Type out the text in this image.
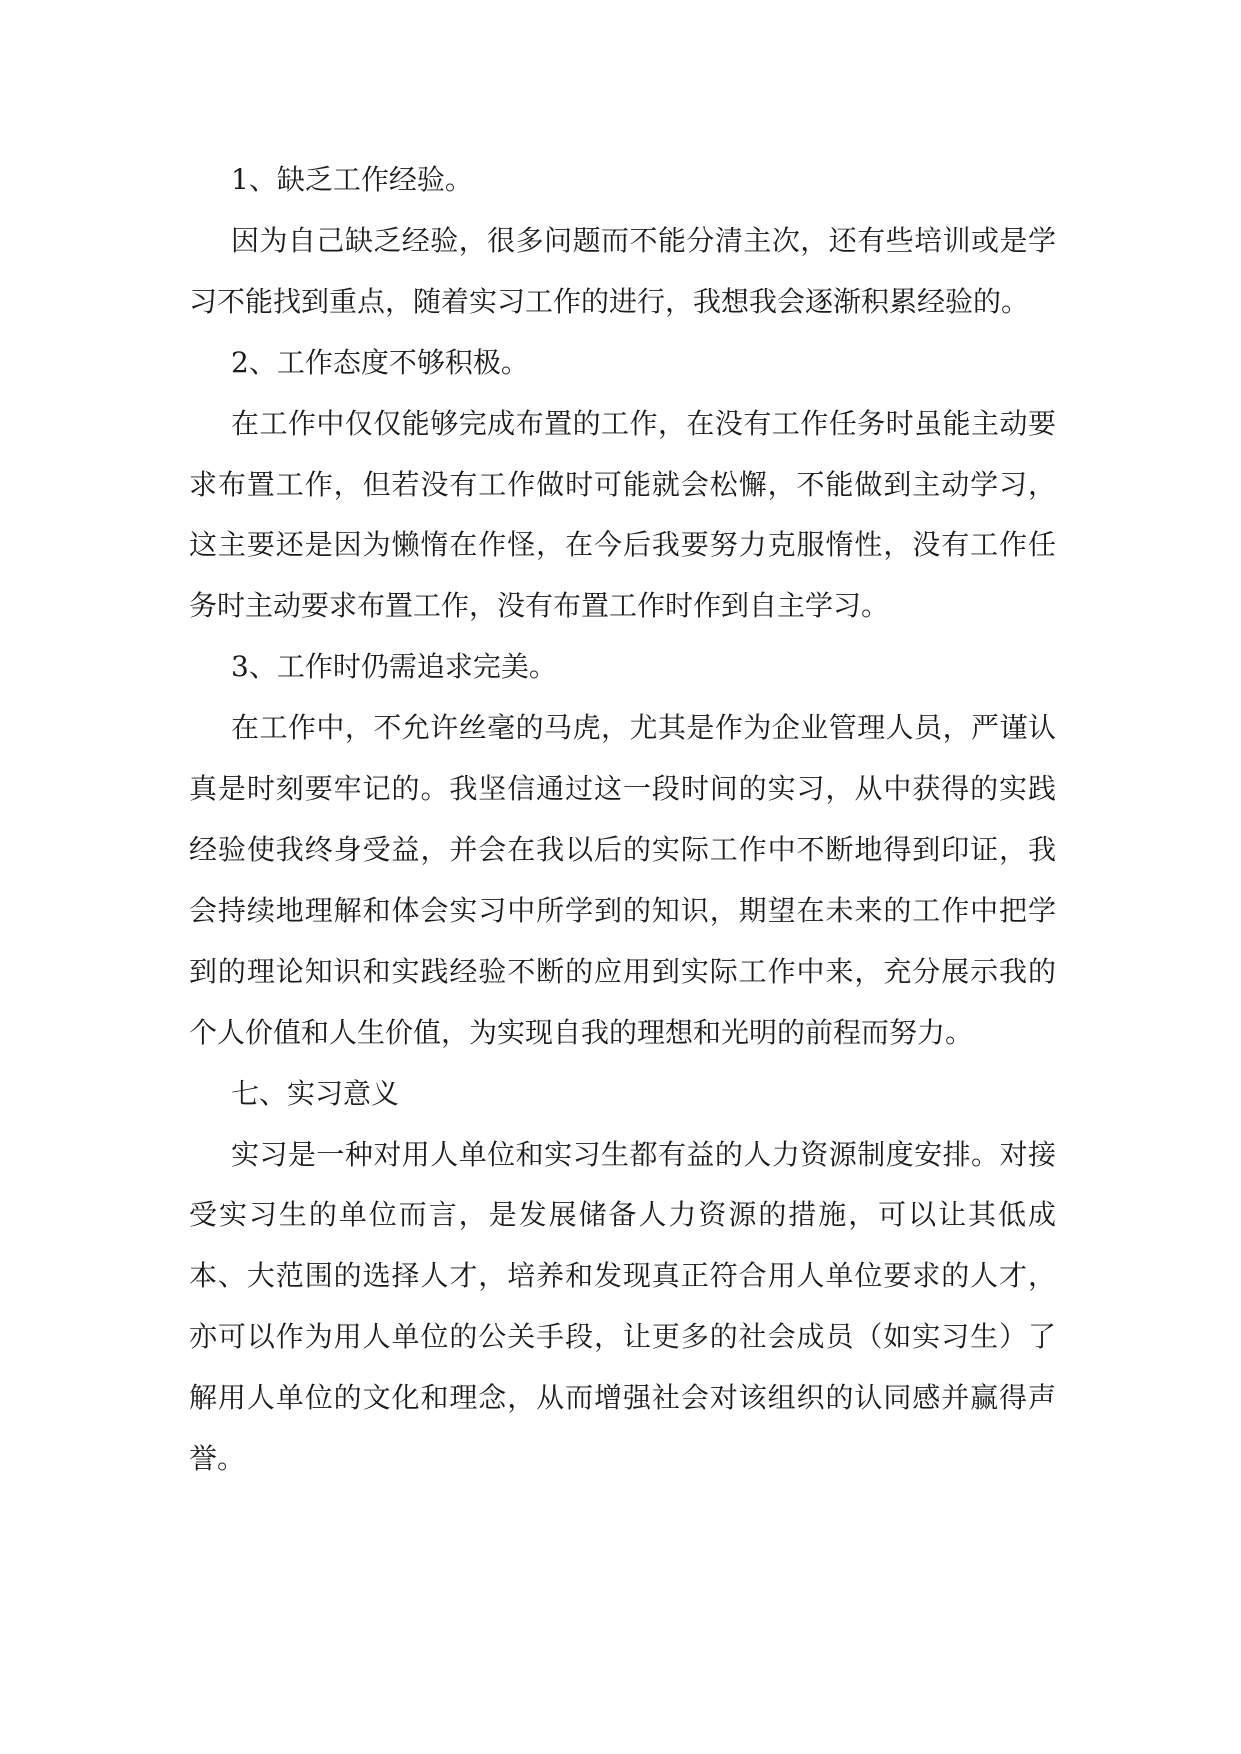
1、缺乏工作经验。

因为自己缺乏经验，很多问题而不能分清主次，还有些培训或是学习不能找到重点，随着实习工作的进行，我想我会逐渐积累经验的。

2、工作态度不够积极。

在工作中仅仅能够完成布置的工作，在没有工作任务时虽能主动要求布置工作，但若没有工作做时可能就会松懈，不能做到主动学习，这主要还是因为懒惰在作怪，在今后我要努力克服惰性，没有工作任务时主动要求布置工作，没有布置工作时作到自主学习。

3、工作时仍需追求完美。

在工作中，不允许丝毫的马虎，尤其是作为企业管理人员，严谨认真是时刻要牢记的。我坚信通过这一段时间的实习，从中获得的实践经验使我终身受益，并会在我以后的实际工作中不断地得到印证，我会持续地理解和体会实习中所学到的知识，期望在未来的工作中把学到的理论知识和实践经验不断的应用到实际工作中来，充分展示我的个人价值和人生价值，为实现自我的理想和光明的前程而努力。

七、实习意义

实习是一种对用人单位和实习生都有益的人力资源制度安排。对接受实习生的单位而言，是发展储备人力资源的措施，可以让其低成本、大范围的选择人才，培养和发现真正符合用人单位要求的人才，亦可以作为用人单位的公关手段，让更多的社会成员（如实习生）了解用人单位的文化和理念，从而增强社会对该组织的认同感并赢得声誉。
